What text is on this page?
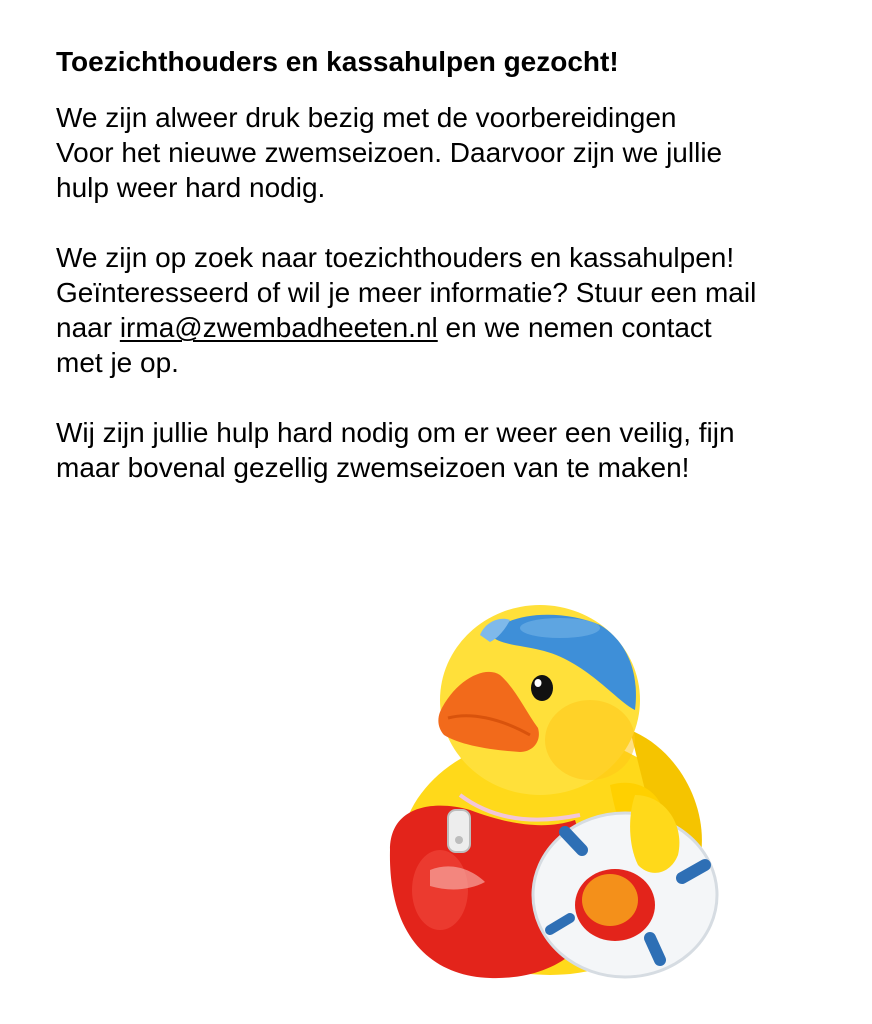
Toezichthouders en kassahulpen gezocht!
We zijn alweer druk bezig met de voorbereidingen
Voor het nieuwe zwemseizoen. Daarvoor zijn we jullie
hulp weer hard nodig.
We zijn op zoek naar toezichthouders en kassahulpen!
Geïnteresseerd of wil je meer informatie? Stuur een mail
naar irma@zwembadheeten.nl en we nemen contact
met je op.
Wij zijn jullie hulp hard nodig om er weer een veilig, fijn
maar bovenal gezellig zwemseizoen van te maken!
